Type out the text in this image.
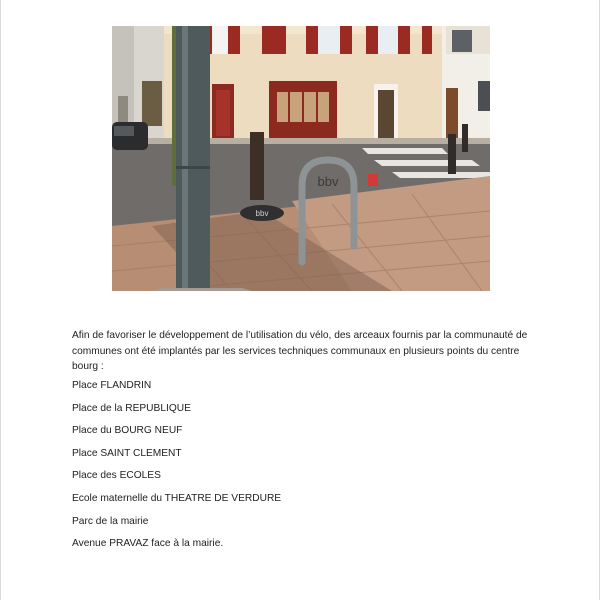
bbv
bbv

Afin de favoriser le développement de l’utilisation du vélo, des arceaux fournis par la communauté de communes ont été implantés par les services techniques communaux en plusieurs points du centre bourg :

Place FLANDRIN
Place de la REPUBLIQUE
Place du BOURG NEUF
Place SAINT CLEMENT
Place des ECOLES
Ecole maternelle du THEATRE DE VERDURE
Parc de la mairie
Avenue PRAVAZ face à la mairie.
